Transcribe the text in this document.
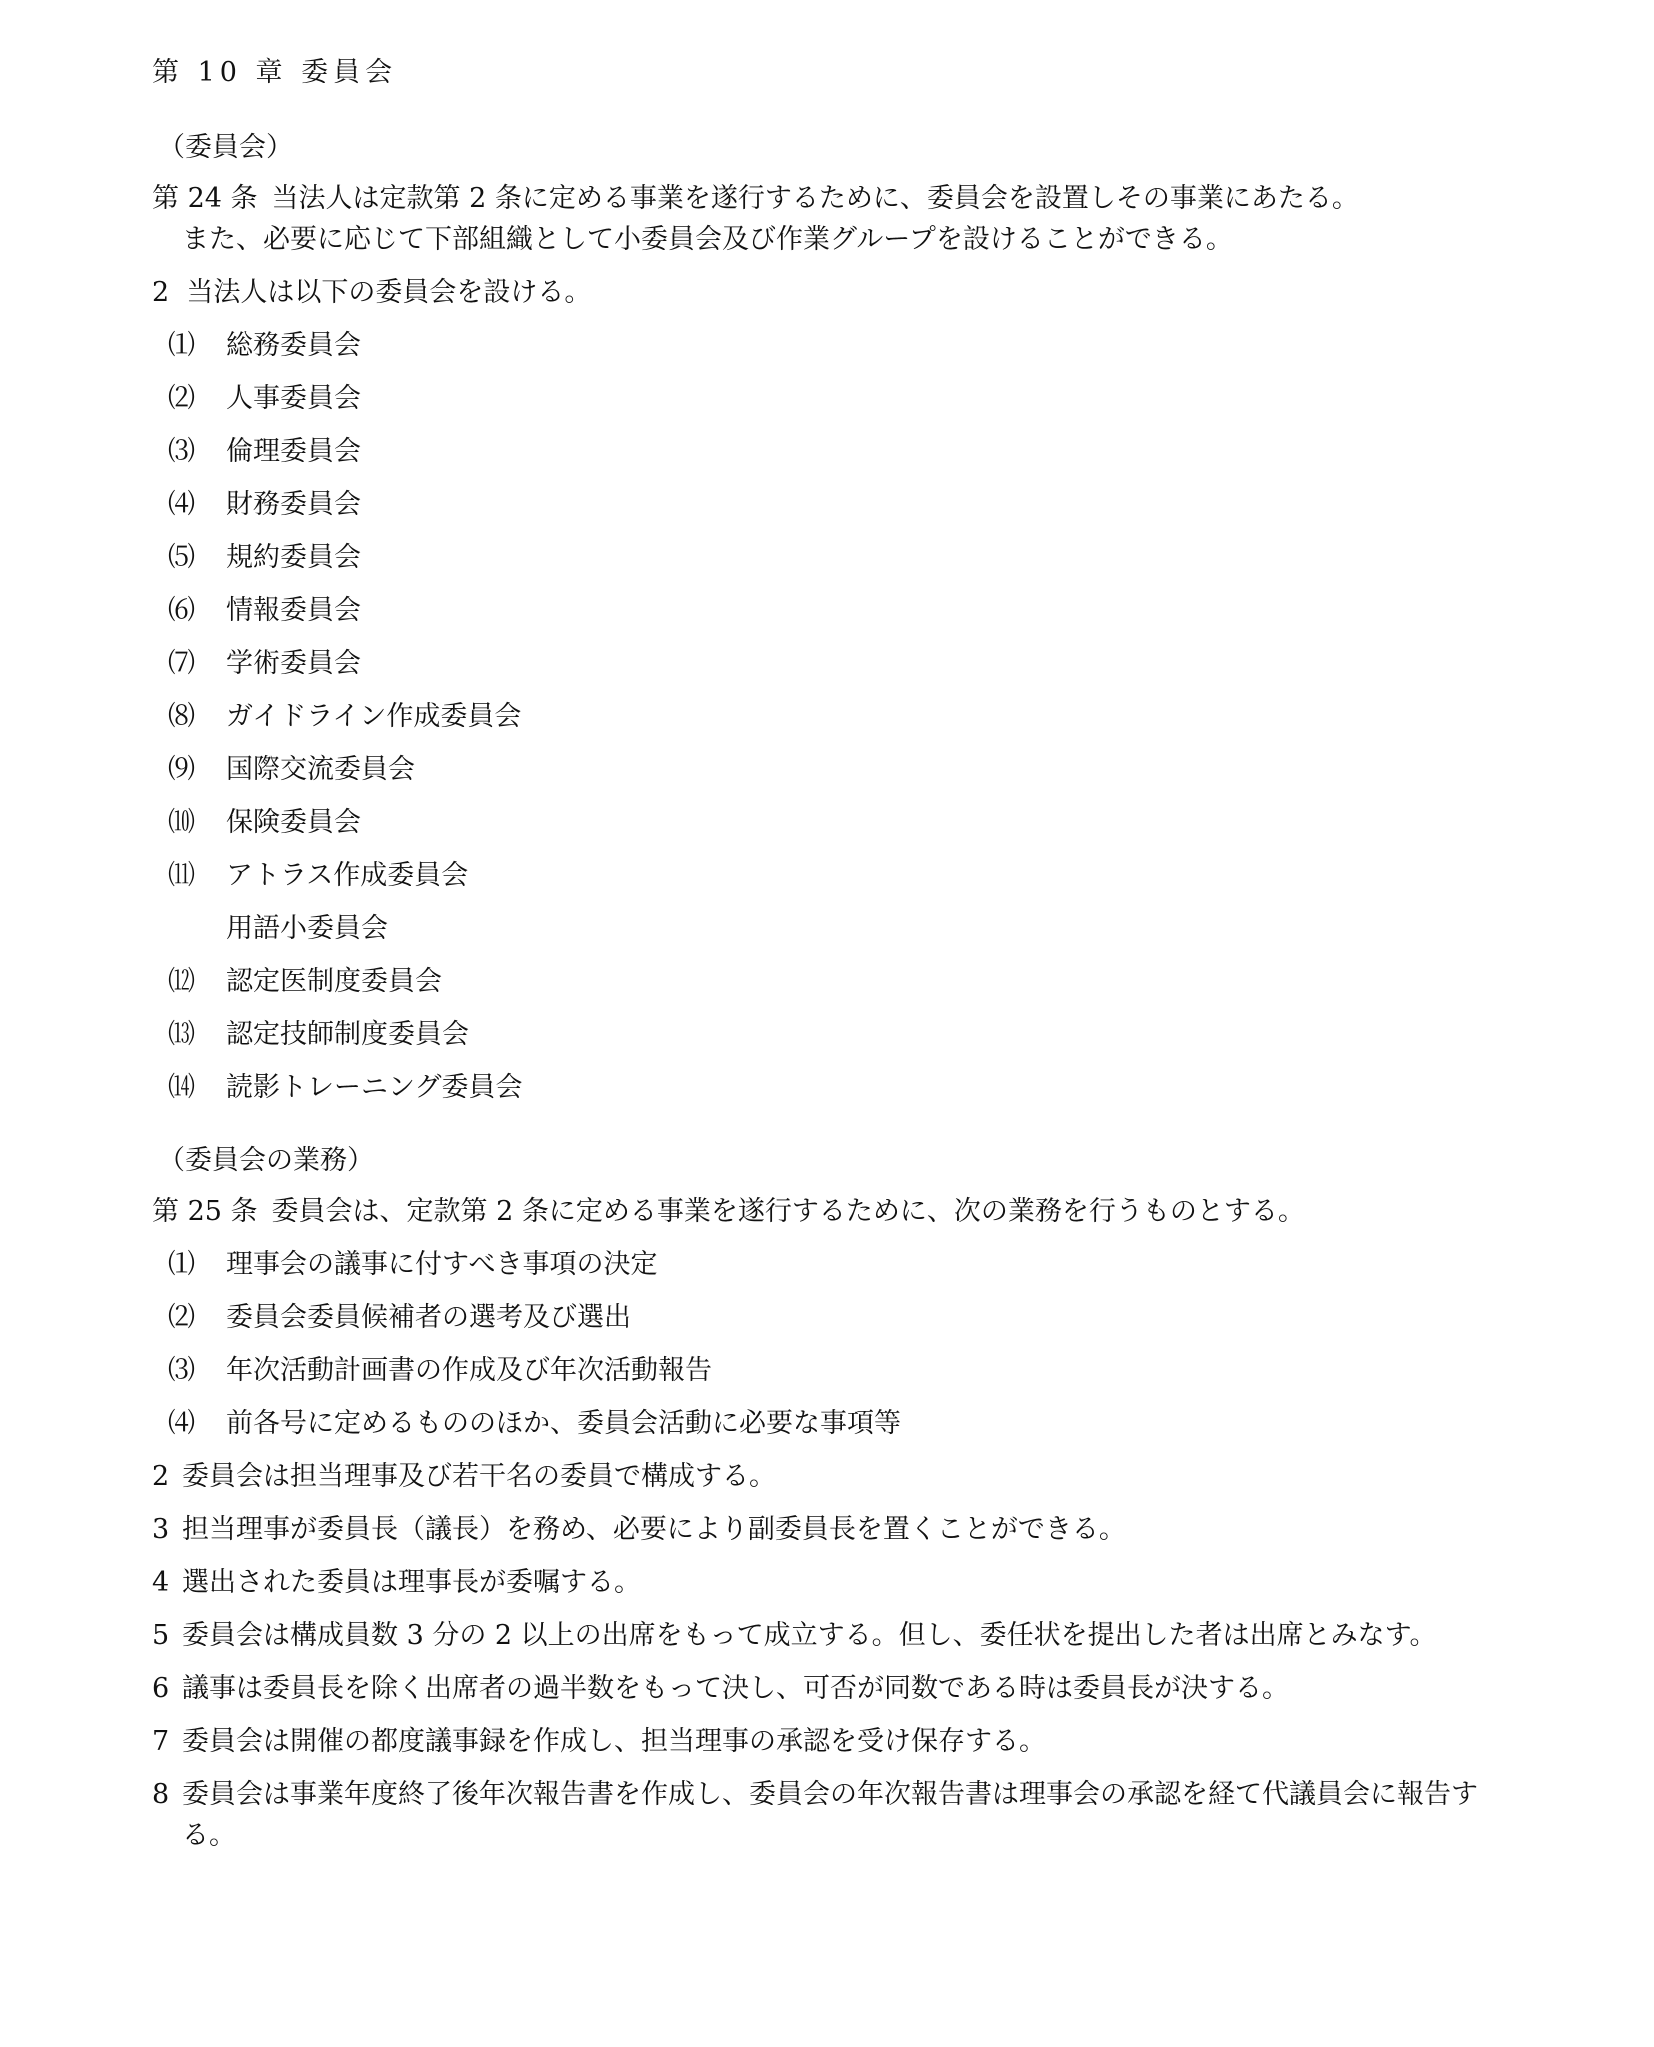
第 10 章 委員会
（委員会）
第 24 条 当法人は定款第 2 条に定める事業を遂行するために、委員会を設置しその事業にあたる。
また、必要に応じて下部組織として小委員会及び作業グループを設けることができる。
2 当法人は以下の委員会を設ける。
⑴	総務委員会
⑵	人事委員会
⑶	倫理委員会
⑷	財務委員会
⑸	規約委員会
⑹	情報委員会
⑺	学術委員会
⑻	ガイドライン作成委員会
⑼	国際交流委員会
⑽	保険委員会
⑾	アトラス作成委員会
用語小委員会
⑿	認定医制度委員会
⒀	認定技師制度委員会
⒁	読影トレーニング委員会
（委員会の業務）
第 25 条 委員会は、定款第 2 条に定める事業を遂行するために、次の業務を行うものとする。
⑴	理事会の議事に付すべき事項の決定
⑵	委員会委員候補者の選考及び選出
⑶	年次活動計画書の作成及び年次活動報告
⑷	前各号に定めるもののほか、委員会活動に必要な事項等
2 委員会は担当理事及び若干名の委員で構成する。
3 担当理事が委員長（議長）を務め、必要により副委員長を置くことができる。
4 選出された委員は理事長が委嘱する。
5 委員会は構成員数 3 分の 2 以上の出席をもって成立する。但し、委任状を提出した者は出席とみなす。
6 議事は委員長を除く出席者の過半数をもって決し、可否が同数である時は委員長が決する。
7 委員会は開催の都度議事録を作成し、担当理事の承認を受け保存する。
8 委員会は事業年度終了後年次報告書を作成し、委員会の年次報告書は理事会の承認を経て代議員会に報告する。
